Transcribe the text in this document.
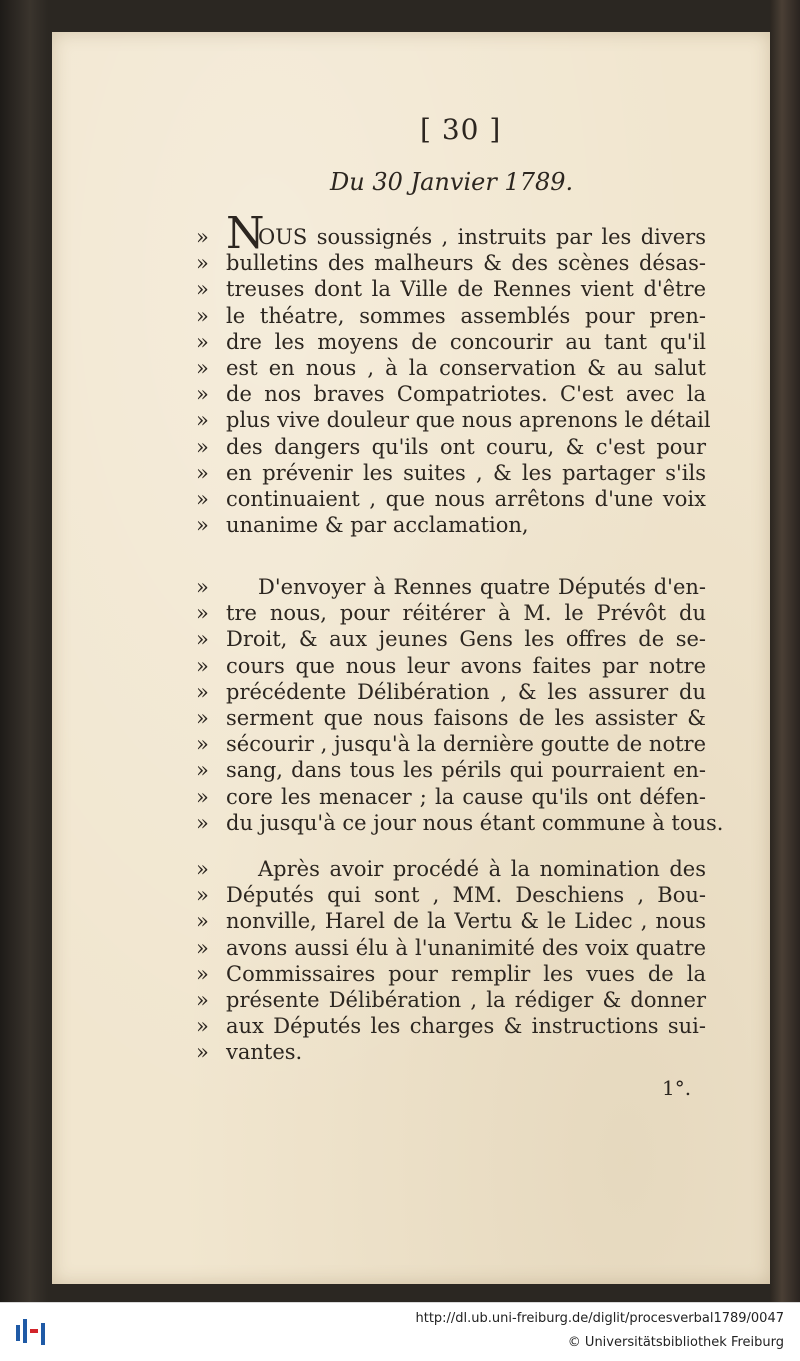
[ 30 ]
Du 30 Janvier 1789.
N
»	OUS soussignés , instruits par les divers
» bulletins des malheurs & des scènes désas-
» treuses dont la Ville de Rennes vient d'être
» le théatre, sommes assemblés pour pren-
» dre les moyens de concourir au tant qu'il
» est en nous , à la conservation & au salut
» de nos braves Compatriotes. C'est avec la
» plus vive douleur que nous aprenons le détail
» des dangers qu'ils ont couru, & c'est pour
» en prévenir les suites , & les partager s'ils
» continuaient , que nous arrêtons d'une voix
» unanime & par acclamation,
»	D'envoyer à Rennes quatre Députés d'en-
» tre nous, pour réitérer à M. le Prévôt du
» Droit, & aux jeunes Gens les offres de se-
» cours que nous leur avons faites par notre
» précédente Délibération , & les assurer du
» serment que nous faisons de les assister &
» sécourir , jusqu'à la dernière goutte de notre
» sang, dans tous les périls qui pourraient en-
» core les menacer ; la cause qu'ils ont défen-
» du jusqu'à ce jour nous étant commune à tous.
»	Après avoir procédé à la nomination des
» Députés qui sont , MM. Deschiens , Bou-
» nonville, Harel de la Vertu & le Lidec , nous
» avons aussi élu à l'unanimité des voix quatre
» Commissaires pour remplir les vues de la
» présente Délibération , la rédiger & donner
» aux Députés les charges & instructions sui-
» vantes.
1°.
http://dl.ub.uni-freiburg.de/diglit/procesverbal1789/0047
© Universitätsbibliothek Freiburg
